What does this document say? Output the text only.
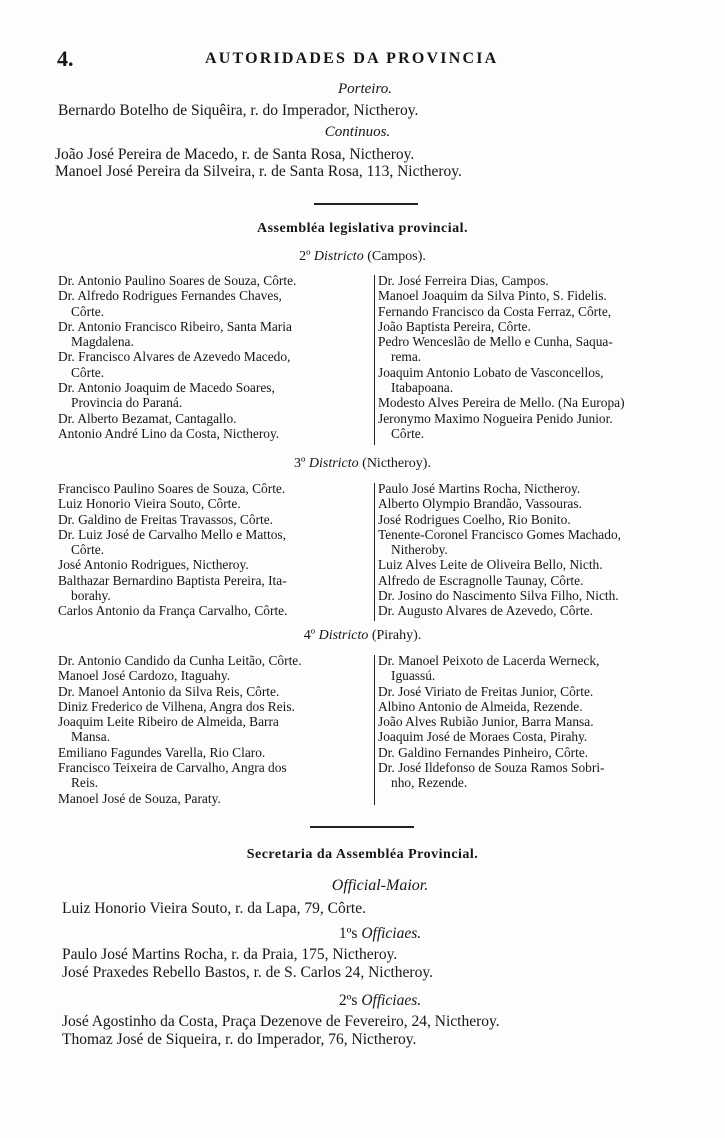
4.	AUTORIDADES DA PROVINCIA
Porteiro.
Bernardo Botelho de Siquêira, r. do Imperador, Nictheroy.
Continuos.
João José Pereira de Macedo, r. de Santa Rosa, Nictheroy.
Manoel José Pereira da Silveira, r. de Santa Rosa, 113, Nictheroy.
Assembléa legislativa provincial.
2º Districto (Campos).
Dr. Antonio Paulino Soares de Souza, Côrte.
Dr. Alfredo Rodrigues Fernandes Chaves,
Côrte.
Dr. Antonio Francisco Ribeiro, Santa Maria
Magdalena.
Dr. Francisco Alvares de Azevedo Macedo,
Côrte.
Dr. Antonio Joaquim de Macedo Soares,
Provincia do Paraná.
Dr. Alberto Bezamat, Cantagallo.
Antonio André Lino da Costa, Nictheroy.
Dr. José Ferreira Dias, Campos.
Manoel Joaquim da Silva Pinto, S. Fidelis.
Fernando Francisco da Costa Ferraz, Côrte,
João Baptista Pereira, Côrte.
Pedro Wenceslão de Mello e Cunha, Saqua-
rema.
Joaquim Antonio Lobato de Vasconcellos,
Itabapoana.
Modesto Alves Pereira de Mello. (Na Europa)
Jeronymo Maximo Nogueira Penido Junior.
Côrte.
3º Districto (Nictheroy).
Francisco Paulino Soares de Souza, Côrte.
Luiz Honorio Vieira Souto, Côrte.
Dr. Galdino de Freitas Travassos, Côrte.
Dr. Luiz José de Carvalho Mello e Mattos,
Côrte.
José Antonio Rodrigues, Nictheroy.
Balthazar Bernardino Baptista Pereira, Ita-
borahy.
Carlos Antonio da França Carvalho, Côrte.
Paulo José Martins Rocha, Nictheroy.
Alberto Olympio Brandão, Vassouras.
José Rodrigues Coelho, Rio Bonito.
Tenente-Coronel Francisco Gomes Machado,
Nitheroby.
Luiz Alves Leite de Oliveira Bello, Nicth.
Alfredo de Escragnolle Taunay, Côrte.
Dr. Josino do Nascimento Silva Filho, Nicth.
Dr. Augusto Alvares de Azevedo, Côrte.
4º Districto (Pirahy).
Dr. Antonio Candido da Cunha Leitão, Côrte.
Manoel José Cardozo, Itaguahy.
Dr. Manoel Antonio da Silva Reis, Côrte.
Diniz Frederico de Vilhena, Angra dos Reis.
Joaquim Leite Ribeiro de Almeida, Barra
Mansa.
Emiliano Fagundes Varella, Rio Claro.
Francisco Teixeira de Carvalho, Angra dos
Reis.
Manoel José de Souza, Paraty.
Dr. Manoel Peixoto de Lacerda Werneck,
Iguassú.
Dr. José Viriato de Freitas Junior, Côrte.
Albino Antonio de Almeida, Rezende.
João Alves Rubião Junior, Barra Mansa.
Joaquim José de Moraes Costa, Pirahy.
Dr. Galdino Fernandes Pinheiro, Côrte.
Dr. José Ildefonso de Souza Ramos Sobri-
nho, Rezende.
Secretaria da Assembléa Provincial.
Official-Maior.
Luiz Honorio Vieira Souto, r. da Lapa, 79, Côrte.
1ºs Officiaes.
Paulo José Martins Rocha, r. da Praia, 175, Nictheroy.
José Praxedes Rebello Bastos, r. de S. Carlos 24, Nictheroy.
2ºs Officiaes.
José Agostinho da Costa, Praça Dezenove de Fevereiro, 24, Nictheroy.
Thomaz José de Siqueira, r. do Imperador, 76, Nictheroy.
